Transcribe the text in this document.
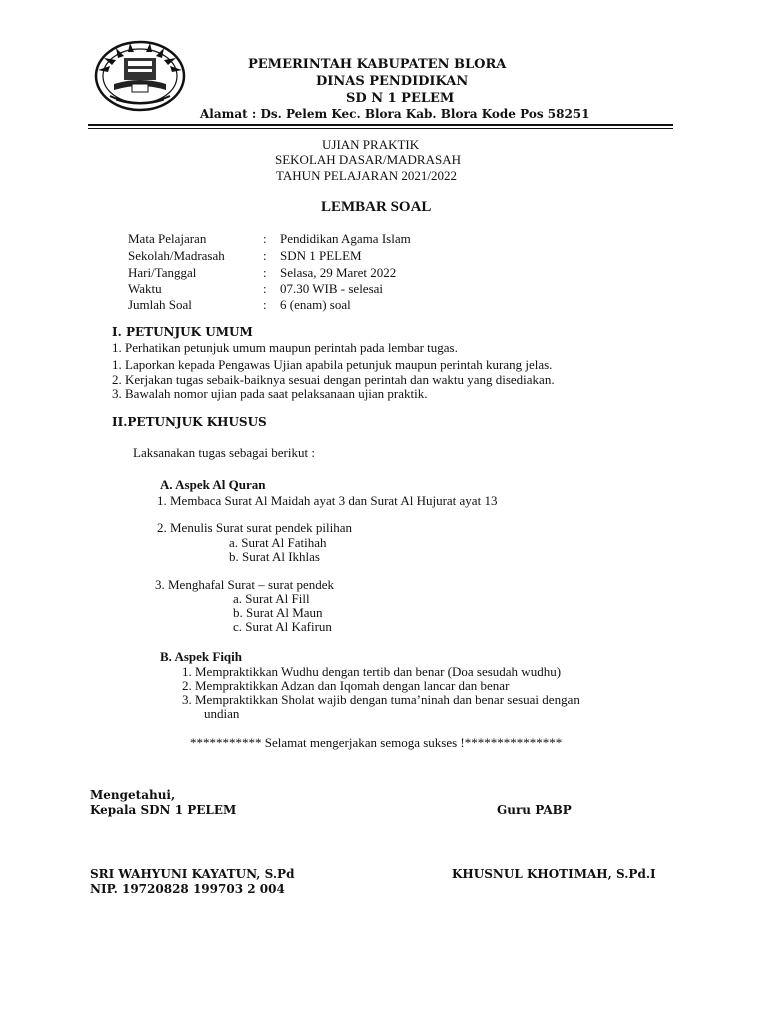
PEMERINTAH KABUPATEN BLORA
DINAS PENDIDIKAN
SD N 1 PELEM
Alamat : Ds. Pelem Kec. Blora Kab. Blora Kode Pos 58251
UJIAN PRAKTIK
SEKOLAH DASAR/MADRASAH
TAHUN PELAJARAN 2021/2022
LEMBAR SOAL
Mata Pelajaran	: Pendidikan Agama Islam
Sekolah/Madrasah	: SDN 1 PELEM
Hari/Tanggal	: Selasa, 29 Maret 2022
Waktu	: 07.30 WIB - selesai
Jumlah Soal	: 6 (enam) soal
I. PETUNJUK UMUM
1. Perhatikan petunjuk umum maupun perintah pada lembar tugas.
1. Laporkan kepada Pengawas Ujian apabila petunjuk maupun perintah kurang jelas.
2. Kerjakan tugas sebaik-baiknya sesuai dengan perintah dan waktu yang disediakan.
3. Bawalah nomor ujian pada saat pelaksanaan ujian praktik.
II.PETUNJUK KHUSUS
Laksanakan tugas sebagai berikut :
A. Aspek Al Quran
1. Membaca Surat Al Maidah ayat 3 dan Surat Al Hujurat ayat 13
2. Menulis Surat surat pendek pilihan
a. Surat Al Fatihah
b. Surat Al Ikhlas
3. Menghafal Surat – surat pendek
a. Surat Al Fill
b. Surat Al Maun
c. Surat Al Kafirun
B. Aspek Fiqih
1. Mempraktikkan Wudhu dengan tertib dan benar (Doa sesudah wudhu)
2. Mempraktikkan Adzan dan Iqomah dengan lancar dan benar
3. Mempraktikkan Sholat wajib dengan tuma’ninah dan benar sesuai dengan
undian
*********** Selamat mengerjakan semoga sukses !***************
Mengetahui,
Kepala SDN 1 PELEM	Guru PABP
SRI WAHYUNI KAYATUN, S.Pd	KHUSNUL KHOTIMAH, S.Pd.I
NIP. 19720828 199703 2 004
